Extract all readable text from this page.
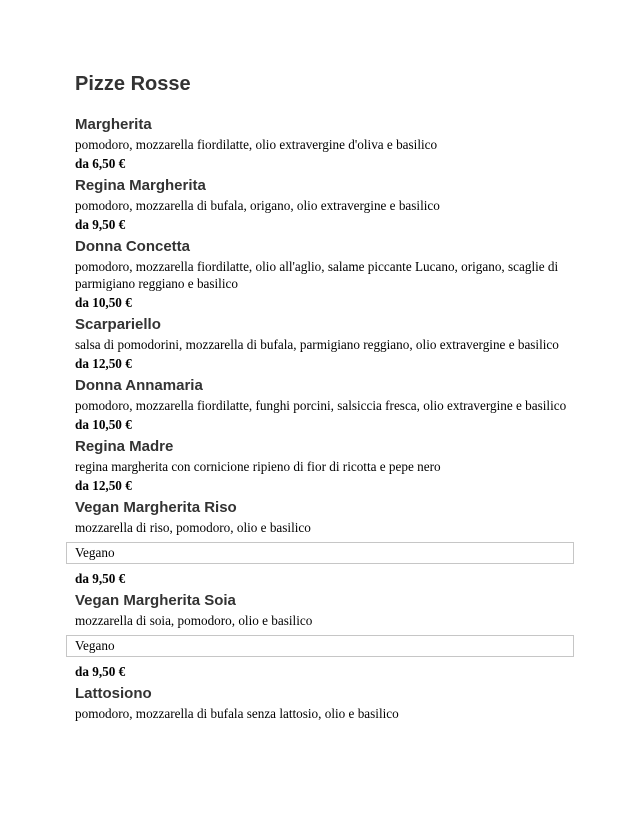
Pizze Rosse
Margherita

pomodoro, mozzarella fiordilatte, olio extravergine d'oliva e basilico

da 6,50 €

Regina Margherita

pomodoro, mozzarella di bufala, origano, olio extravergine e basilico

da 9,50 €

Donna Concetta

pomodoro, mozzarella fiordilatte, olio all'aglio, salame piccante Lucano, origano, scaglie di parmigiano reggiano e basilico

da 10,50 €

Scarpariello

salsa di pomodorini, mozzarella di bufala, parmigiano reggiano, olio extravergine e basilico

da 12,50 €

Donna Annamaria

pomodoro, mozzarella fiordilatte, funghi porcini, salsiccia fresca, olio extravergine e basilico

da 10,50 €

Regina Madre

regina margherita con cornicione ripieno di fior di ricotta e pepe nero

da 12,50 €

Vegan Margherita Riso

mozzarella di riso, pomodoro, olio e basilico

Vegano

da 9,50 €

Vegan Margherita Soia

mozzarella di soia, pomodoro, olio e basilico

Vegano

da 9,50 €

Lattosiono

pomodoro, mozzarella di bufala senza lattosio, olio e basilico
